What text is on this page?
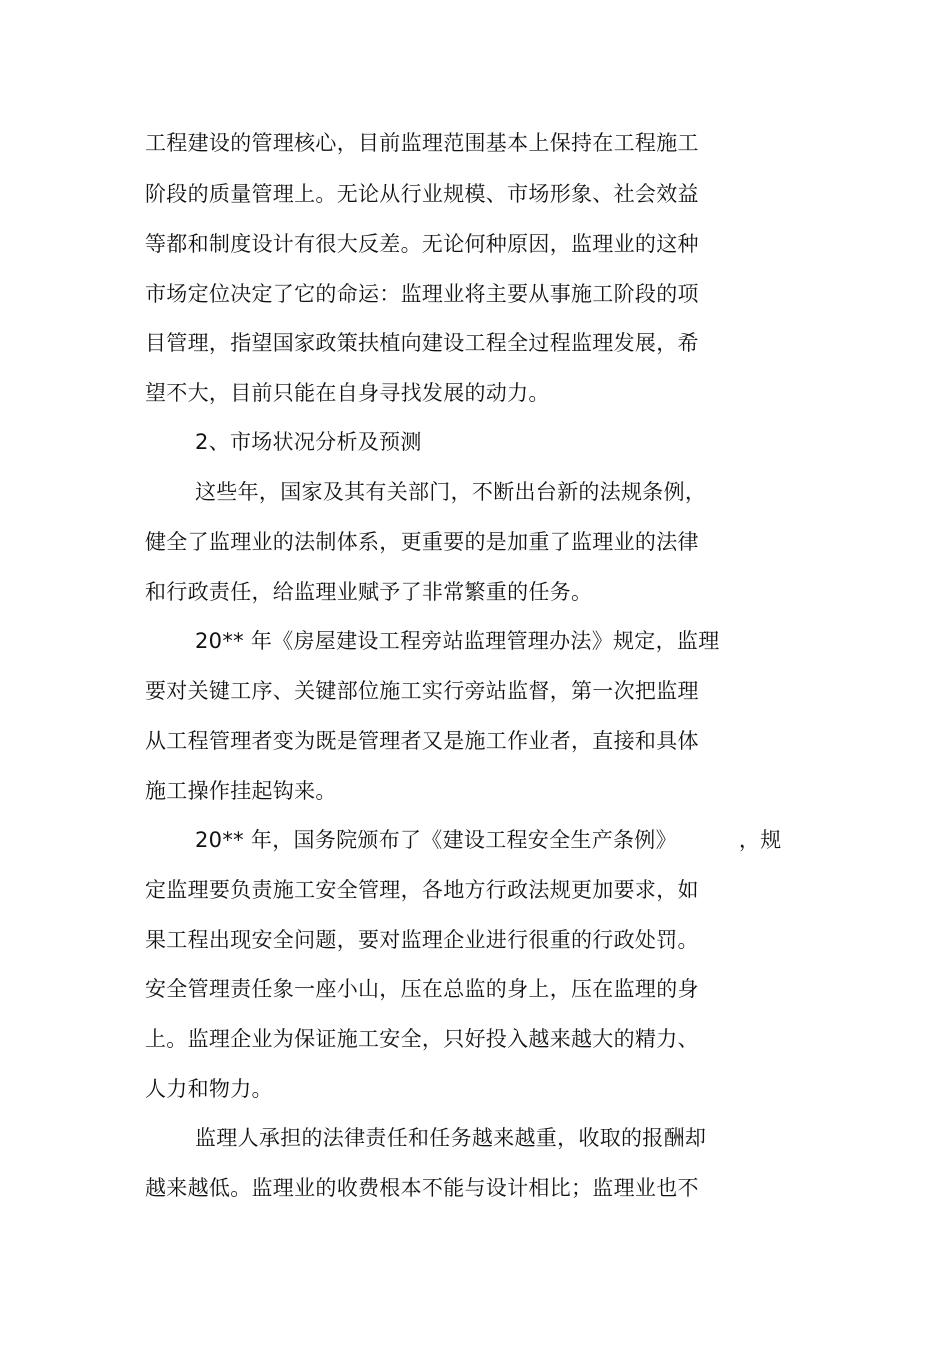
工程建设的管理核心，目前监理范围基本上保持在工程施工
阶段的质量管理上。无论从行业规模、市场形象、社会效益
等都和制度设计有很大反差。无论何种原因，监理业的这种
市场定位决定了它的命运：监理业将主要从事施工阶段的项
目管理，指望国家政策扶植向建设工程全过程监理发展，希
望不大，目前只能在自身寻找发展的动力。
2、市场状况分析及预测
这些年，国家及其有关部门，不断出台新的法规条例，
健全了监理业的法制体系，更重要的是加重了监理业的法律
和行政责任，给监理业赋予了非常繁重的任务。
20** 年《房屋建设工程旁站监理管理办法》规定，监理
要对关键工序、关键部位施工实行旁站监督，第一次把监理
从工程管理者变为既是管理者又是施工作业者，直接和具体
施工操作挂起钩来。
20** 年，国务院颁布了《建设工程安全生产条例》	，规
定监理要负责施工安全管理，各地方行政法规更加要求，如
果工程出现安全问题，要对监理企业进行很重的行政处罚。
安全管理责任象一座小山，压在总监的身上，压在监理的身
上。监理企业为保证施工安全，只好投入越来越大的精力、
人力和物力。
监理人承担的法律责任和任务越来越重，收取的报酬却
越来越低。监理业的收费根本不能与设计相比；监理业也不
